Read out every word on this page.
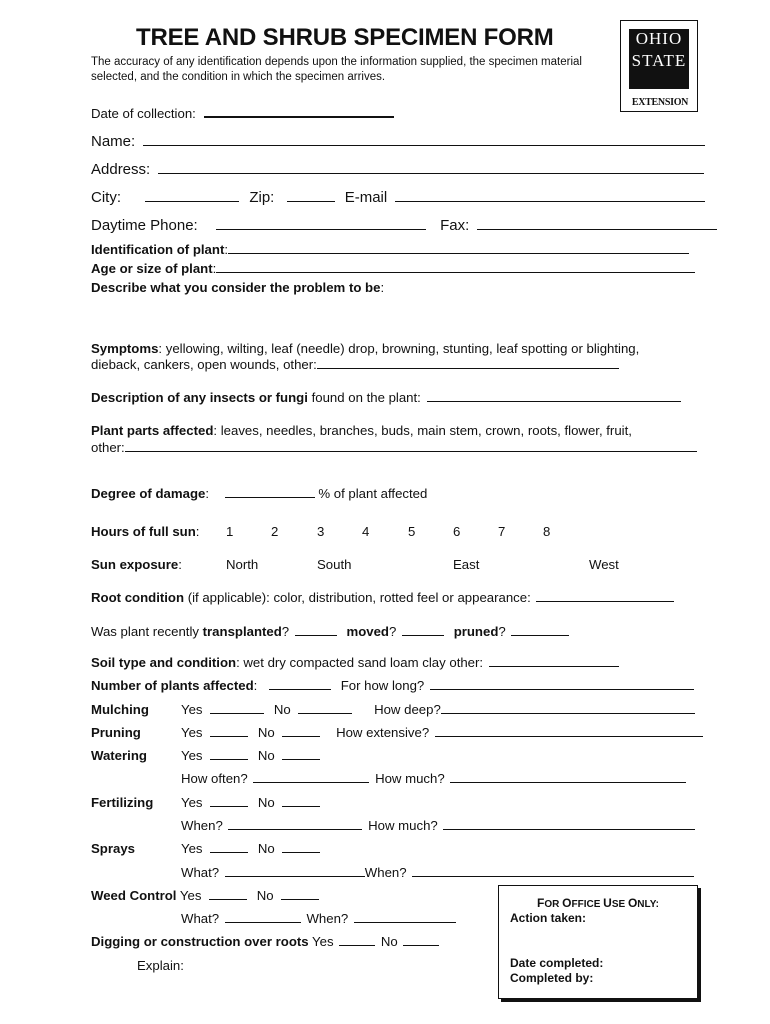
TREE AND SHRUB SPECIMEN FORM
The accuracy of any identification depends upon the information supplied, the specimen material selected, and the condition in which the specimen arrives.
OHIO
STATE
EXTENSION
Date of collection:
Name:
Address:
City:	Zip:	E-mail
Daytime Phone:	Fax:
Identification of plant:
Age or size of plant:
Describe what you consider the problem to be:
Symptoms: yellowing, wilting, leaf (needle) drop, browning, stunting, leaf spotting or blighting,
dieback, cankers, open wounds, other:
Description of any insects or fungi found on the plant:
Plant parts affected: leaves, needles, branches, buds, main stem, crown, roots, flower, fruit,
other:
Degree of damage:	% of plant affected
Hours of full sun: 1	2	3	4	5	6	7	8
Sun exposure:	North	South	East	West
Root condition (if applicable): color, distribution, rotted feel or appearance:
Was plant recently transplanted?	moved?	pruned?
Soil type and condition: wet dry compacted sand loam clay other:
Number of plants affected:	For how long?
Mulching Yes	No	How deep?
Pruning	Yes	No	How extensive?
Watering	Yes	No
How often?	How much?
Fertilizing Yes	No
When?	How much?
Sprays	Yes	No
What?	When?
Weed Control Yes	No
What?	When?
Digging or construction over roots Yes	No
Explain:
FOR OFFICE USE ONLY:
Action taken:
Date completed:
Completed by:
